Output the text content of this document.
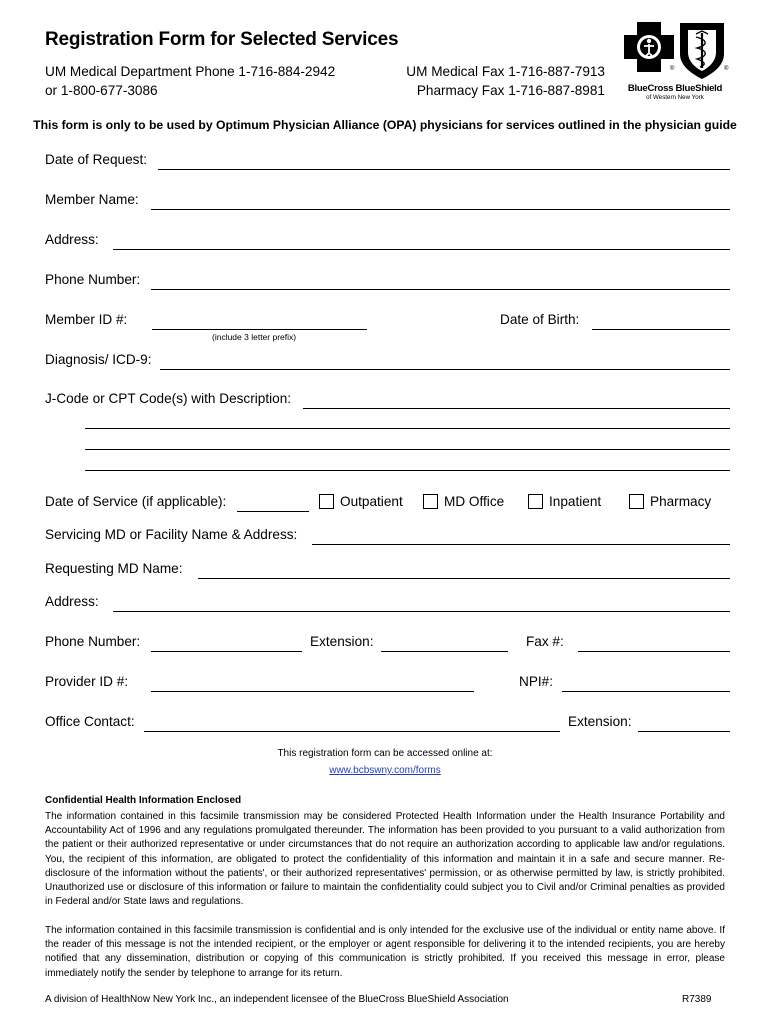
Registration Form for Selected Services
UM Medical Department Phone 1-716-884-2942
or 1-800-677-3086
UM Medical Fax 1-716-887-7913
Pharmacy Fax 1-716-887-8981
®	®
BlueCross BlueShield
of Western New York
This form is only to be used by Optimum Physician Alliance (OPA) physicians for services outlined in the physician guide
Date of Request:
Member Name:
Address:
Phone Number:
Member ID #:
(include 3 letter prefix)
Date of Birth:
Diagnosis/ ICD-9:
J-Code or CPT Code(s) with Description:
Date of Service (if applicable):	Outpatient	MD Office	Inpatient	Pharmacy
Servicing MD or Facility Name & Address:
Requesting MD Name:
Address:
Phone Number:	Extension:	Fax #:
Provider ID #:	NPI#:
Office Contact:	Extension:
This registration form can be accessed online at:
www.bcbswny.com/forms
Confidential Health Information Enclosed
The information contained in this facsimile transmission may be considered Protected Health Information under the Health Insurance Portability and Accountability Act of 1996 and any regulations promulgated thereunder. The information has been provided to you pursuant to a valid authorization from the patient or their authorized representative or under circumstances that do not require an authorization according to applicable law and/or regulations. You, the recipient of this information, are obligated to protect the confidentiality of this information and maintain it in a safe and secure manner. Re-disclosure of the information without the patients', or their authorized representatives' permission, or as otherwise permitted by law, is strictly prohibited. Unauthorized use or disclosure of this information or failure to maintain the confidentiality could subject you to Civil and/or Criminal penalties as provided in Federal and/or State laws and regulations.
The information contained in this facsimile transmission is confidential and is only intended for the exclusive use of the individual or entity name above. If the reader of this message is not the intended recipient, or the employer or agent responsible for delivering it to the intended recipients, you are hereby notified that any dissemination, distribution or copying of this communication is strictly prohibited. If you received this message in error, please immediately notify the sender by telephone to arrange for its return.
A division of HealthNow New York Inc., an independent licensee of the BlueCross BlueShield Association	R7389
